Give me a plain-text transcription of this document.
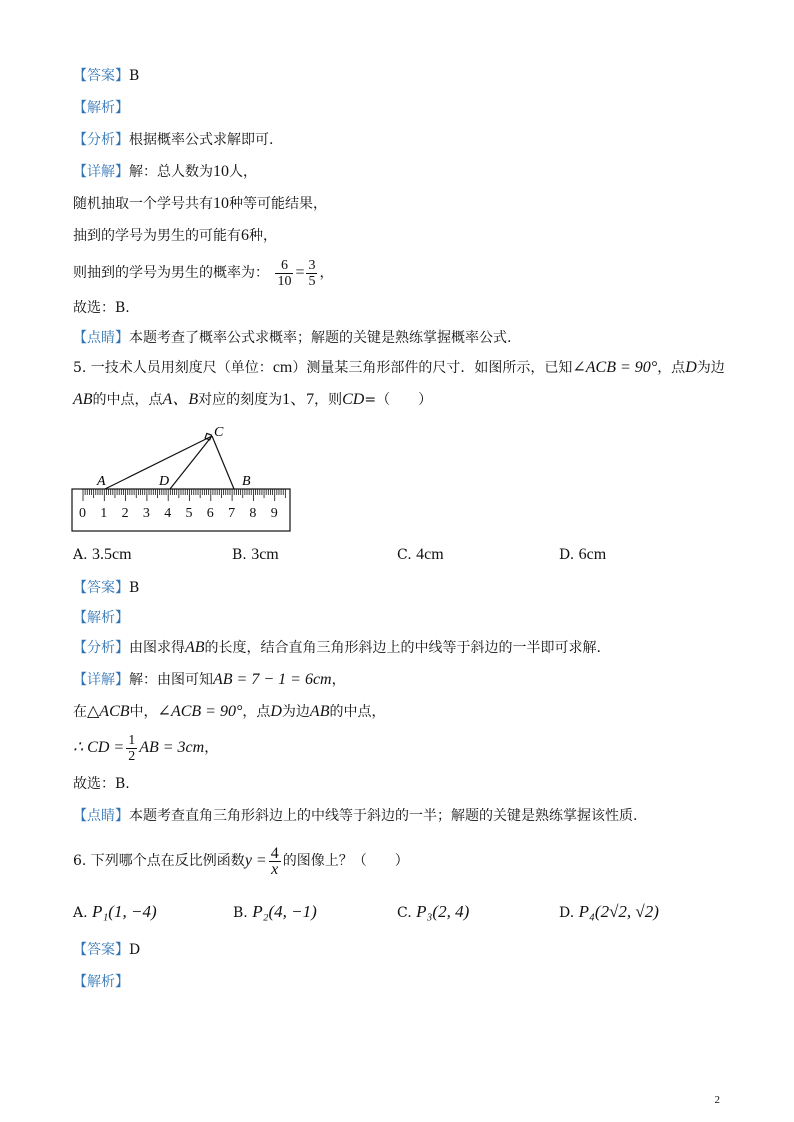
【答案】B
【解析】
【分析】根据概率公式求解即可.
【详解】解：总人数为10人，
随机抽取一个学号共有10种等可能结果，
抽到的学号为男生的可能有6种，
则抽到的学号为男生的概率为： $\frac{6}{10} = \frac{3}{5}$ ，
故选：B.
【点睛】本题考查了概率公式求概率；解题的关键是熟练掌握概率公式.
5. 一技术人员用刻度尺（单位：cm）测量某三角形部件的尺寸．如图所示，已知∠ACB = 90°，点D为边
AB的中点，点A、B对应的刻度为1、7，则CD=（　　）
0 1 2 3 4 5 6 7 8 9
C
A	D	B
A. 3.5cm	B. 3cm	C. 4cm	D. 6cm
【答案】B
【解析】
【分析】由图求得AB的长度，结合直角三角形斜边上的中线等于斜边的一半即可求解.
【详解】解：由图可知AB = 7 − 1 = 6cm，
在△ACB中，∠ACB = 90°，点D为边AB的中点，
∴ CD = $\frac{1}{2}$ AB = 3cm，
故选：B.
【点睛】本题考查直角三角形斜边上的中线等于斜边的一半；解题的关键是熟练掌握该性质.
6. 下列哪个点在反比例函数$y = \frac{4}{x}$ 的图像上？（　　）
A. P₁(1, −4)	B. P₂(4, −1)	C. P₃(2, 4)	D. P₄(2√2, √2)
【答案】D
【解析】
2
